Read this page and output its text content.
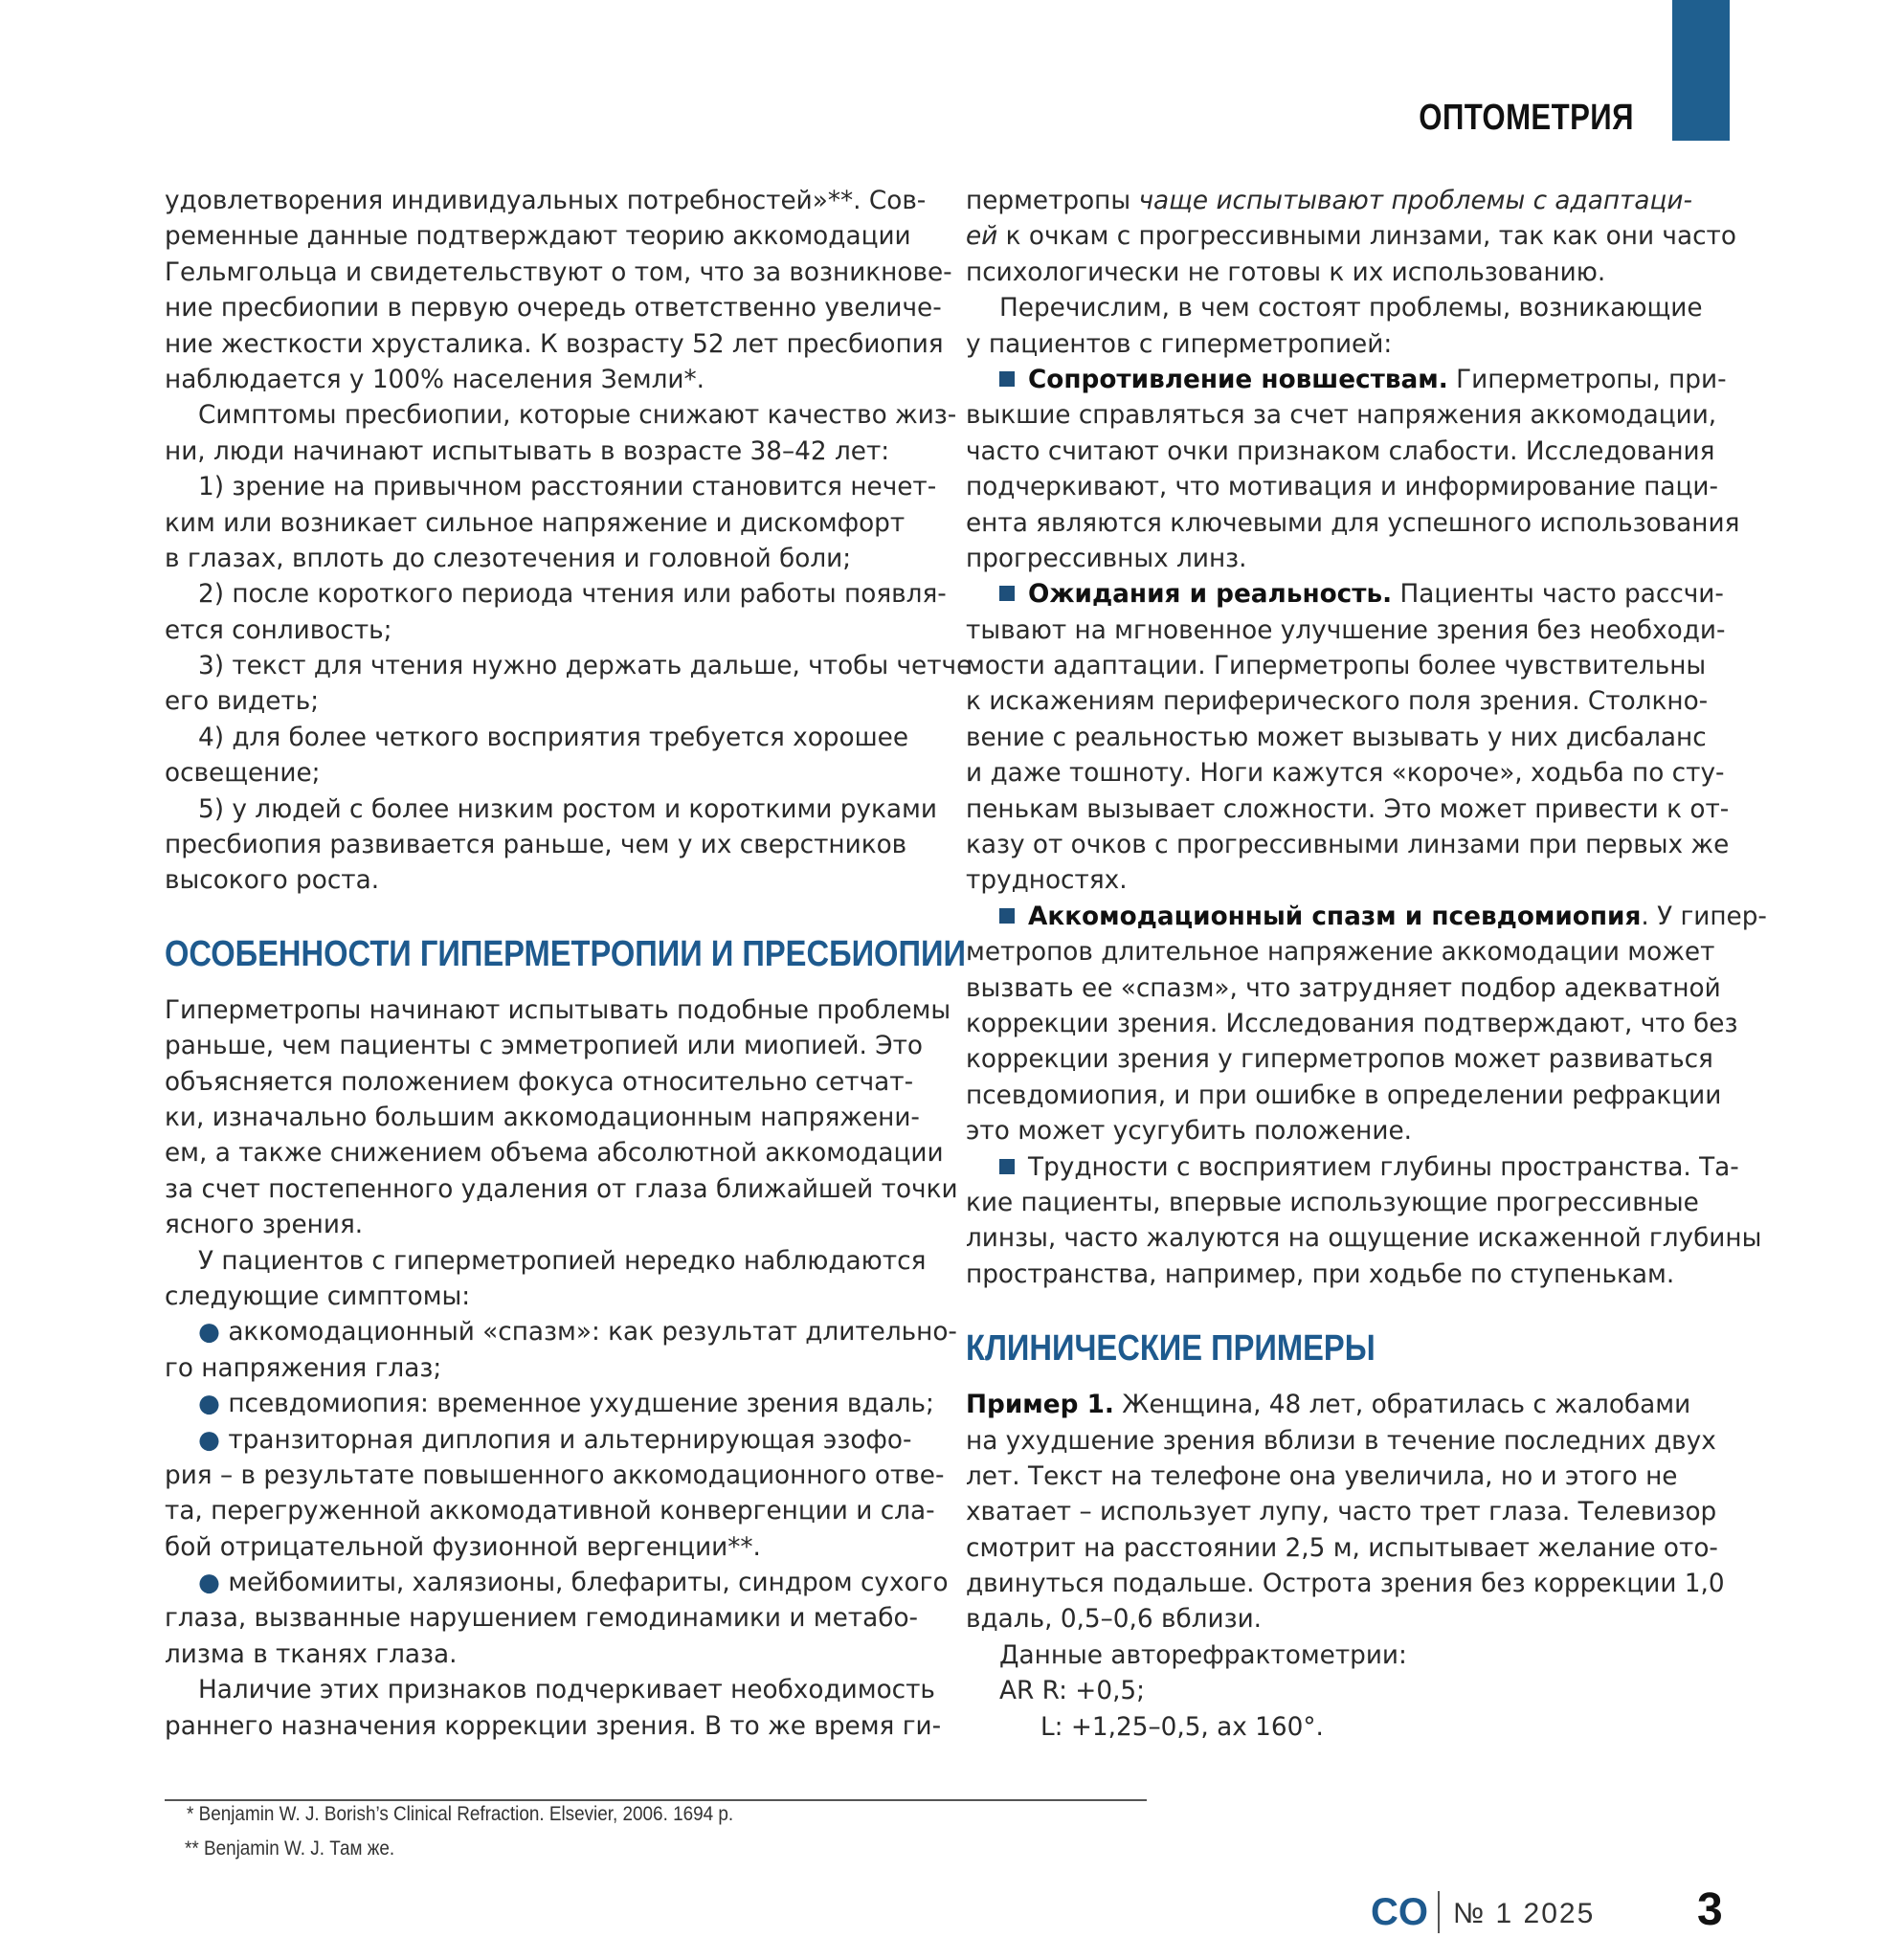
ОПТОМЕТРИЯ
удовлетворения индивидуальных потребностей»**. Сов-
ременные данные подтверждают теорию аккомодации
Гельмгольца и свидетельствуют о том, что за возникнове-
ние пресбиопии в первую очередь ответственно увеличе-
ние жесткости хрусталика. К возрасту 52 лет пресбиопия
наблюдается у 100% населения Земли*.
Симптомы пресбиопии, которые снижают качество жиз-
ни, люди начинают испытывать в возрасте 38–42 лет:
1) зрение на привычном расстоянии становится нечет-
ким или возникает сильное напряжение и дискомфорт
в глазах, вплоть до слезотечения и головной боли;
2) после короткого периода чтения или работы появля-
ется сонливость;
3) текст для чтения нужно держать дальше, чтобы четче
его видеть;
4) для более четкого восприятия требуется хорошее
освещение;
5) у людей с более низким ростом и короткими руками
пресбиопия развивается раньше, чем у их сверстников
высокого роста.
ОСОБЕННОСТИ ГИПЕРМЕТРОПИИ И ПРЕСБИОПИИ
Гиперметропы начинают испытывать подобные проблемы
раньше, чем пациенты с эмметропией или миопией. Это
объясняется положением фокуса относительно сетчат-
ки, изначально большим аккомодационным напряжени-
ем, а также снижением объема абсолютной аккомодации
за счет постепенного удаления от глаза ближайшей точки
ясного зрения.
У пациентов с гиперметропией нередко наблюдаются
следующие симптомы:
● аккомодационный «спазм»: как результат длительно-
го напряжения глаз;
● псевдомиопия: временное ухудшение зрения вдаль;
● транзиторная диплопия и альтернирующая эзофо-
рия – в результате повышенного аккомодационного отве-
та, перегруженной аккомодативной конвергенции и сла-
бой отрицательной фузионной вергенции**.
● мейбомииты, халязионы, блефариты, синдром сухого
глаза, вызванные нарушением гемодинамики и метабо-
лизма в тканях глаза.
Наличие этих признаков подчеркивает необходимость
раннего назначения коррекции зрения. В то же время ги-
перметропы чаще испытывают проблемы с адаптаци-
ей к очкам с прогрессивными линзами, так как они часто
психологически не готовы к их использованию.
Перечислим, в чем состоят проблемы, возникающие
у пациентов с гиперметропией:
Сопротивление новшествам. Гиперметропы, при-
выкшие справляться за счет напряжения аккомодации,
часто считают очки признаком слабости. Исследования
подчеркивают, что мотивация и информирование паци-
ента являются ключевыми для успешного использования
прогрессивных линз.
Ожидания и реальность. Пациенты часто рассчи-
тывают на мгновенное улучшение зрения без необходи-
мости адаптации. Гиперметропы более чувствительны
к искажениям периферического поля зрения. Столкно-
вение с реальностью может вызывать у них дисбаланс
и даже тошноту. Ноги кажутся «короче», ходьба по сту-
пенькам вызывает сложности. Это может привести к от-
казу от очков с прогрессивными линзами при первых же
трудностях.
Аккомодационный спазм и псевдомиопия. У гипер-
метропов длительное напряжение аккомодации может
вызвать ее «спазм», что затрудняет подбор адекватной
коррекции зрения. Исследования подтверждают, что без
коррекции зрения у гиперметропов может развиваться
псевдомиопия, и при ошибке в определении рефракции
это может усугубить положение.
Трудности с восприятием глубины пространства. Та-
кие пациенты, впервые использующие прогрессивные
линзы, часто жалуются на ощущение искаженной глубины
пространства, например, при ходьбе по ступенькам.
КЛИНИЧЕСКИЕ ПРИМЕРЫ
Пример 1. Женщина, 48 лет, обратилась с жалобами
на ухудшение зрения вблизи в течение последних двух
лет. Текст на телефоне она увеличила, но и этого не
хватает – использует лупу, часто трет глаза. Телевизор
смотрит на расстоянии 2,5 м, испытывает желание ото-
двинуться подальше. Острота зрения без коррекции 1,0
вдаль, 0,5–0,6 вблизи.
Данные авторефрактометрии:
AR R: +0,5;
L: +1,25–0,5, ax 160°.
* Benjamin W. J. Borish’s Clinical Refraction. Elsevier, 2006. 1694 p.
** Benjamin W. J. Там же.
CO № 1 2025 3
